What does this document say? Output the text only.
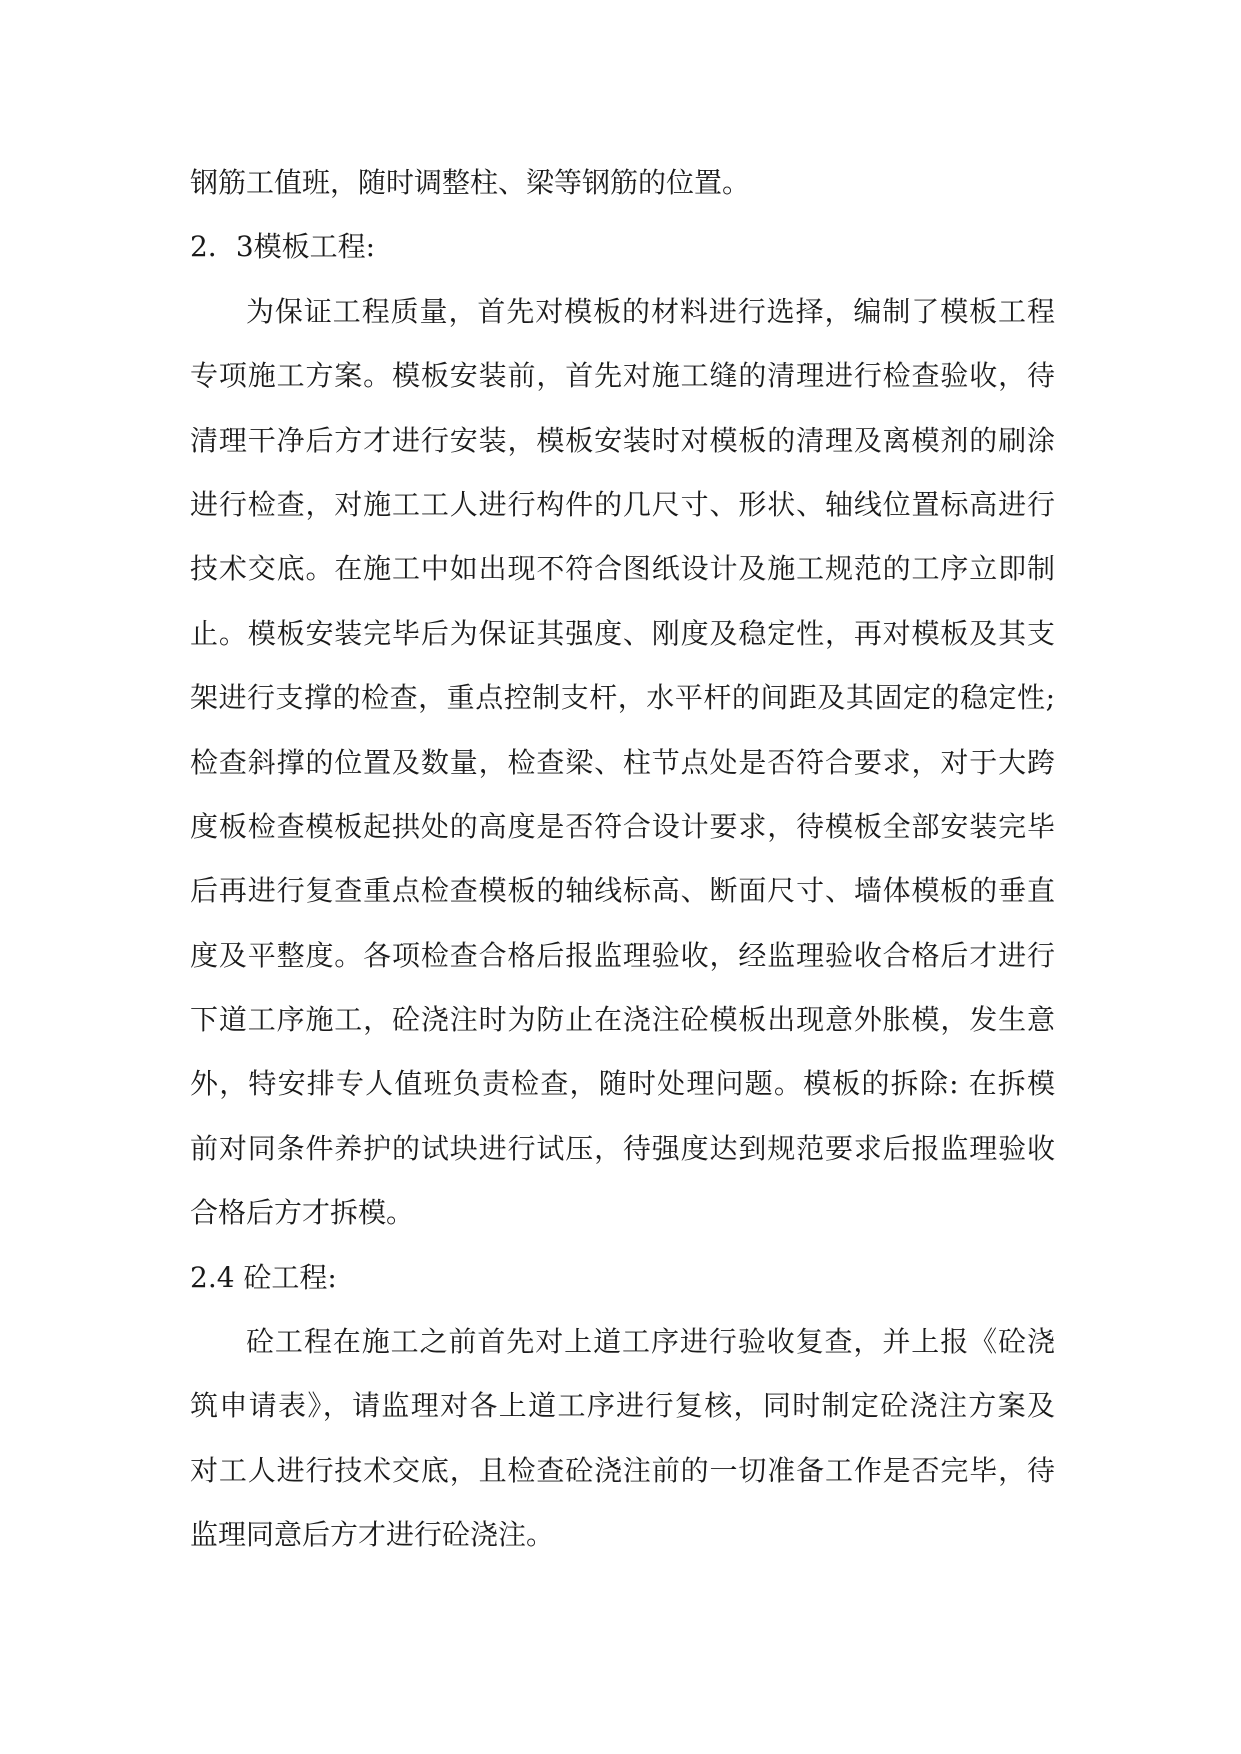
钢筋工值班，随时调整柱、梁等钢筋的位置。
2．3模板工程:
为保证工程质量，首先对模板的材料进行选择，编制了模板工程
专项施工方案。模板安装前，首先对施工缝的清理进行检查验收，待
清理干净后方才进行安装，模板安装时对模板的清理及离模剂的刷涂
进行检查，对施工工人进行构件的几尺寸、形状、轴线位置标高进行
技术交底。在施工中如出现不符合图纸设计及施工规范的工序立即制
止。模板安装完毕后为保证其强度、刚度及稳定性，再对模板及其支
架进行支撑的检查，重点控制支杆，水平杆的间距及其固定的稳定性;
检查斜撑的位置及数量，检查梁、柱节点处是否符合要求，对于大跨
度板检查模板起拱处的高度是否符合设计要求，待模板全部安装完毕
后再进行复查重点检查模板的轴线标高、断面尺寸、墙体模板的垂直
度及平整度。各项检查合格后报监理验收，经监理验收合格后才进行
下道工序施工，砼浇注时为防止在浇注砼模板出现意外胀模，发生意
外，特安排专人值班负责检查，随时处理问题。模板的拆除: 在拆模
前对同条件养护的试块进行试压，待强度达到规范要求后报监理验收
合格后方才拆模。
2.4 砼工程:
砼工程在施工之前首先对上道工序进行验收复查，并上报《砼浇
筑申请表》，请监理对各上道工序进行复核，同时制定砼浇注方案及
对工人进行技术交底，且检查砼浇注前的一切准备工作是否完毕，待
监理同意后方才进行砼浇注。
